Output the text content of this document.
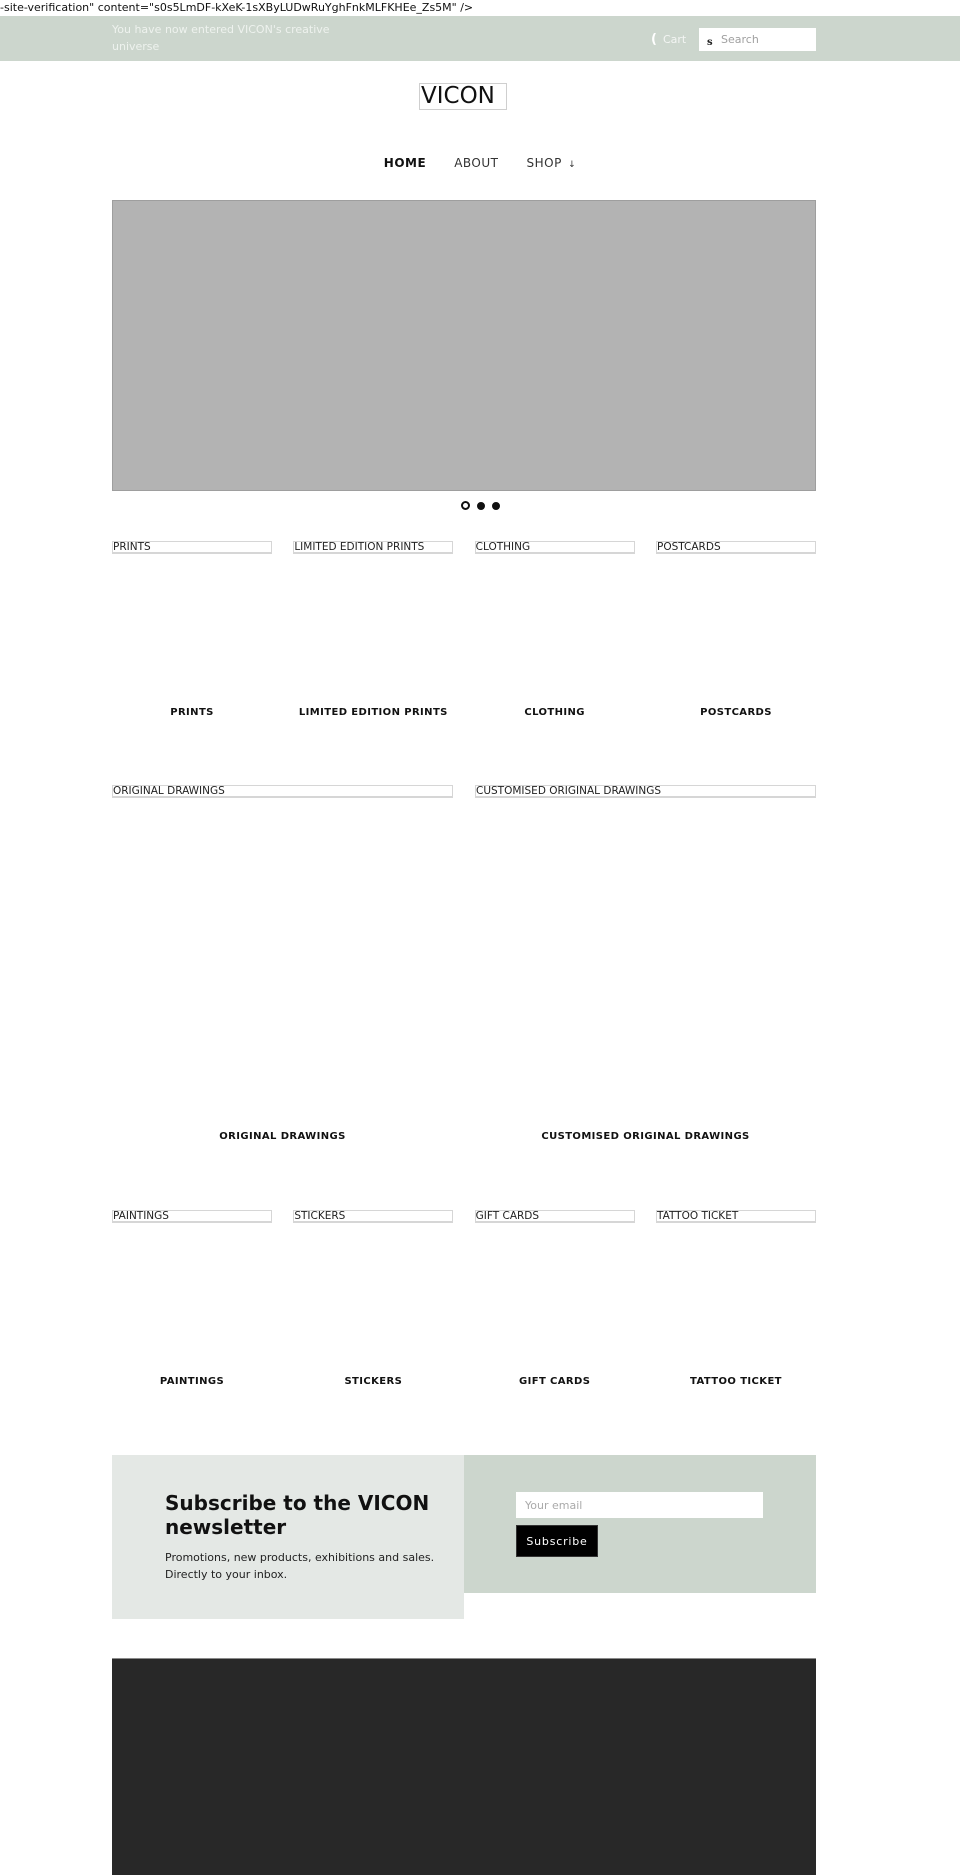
-site-verification" content="s0s5LmDF-kXeK-1sXByLUDwRuYghFnkMLFKHEe_Zs5M" />
You have now entered VICON's creative universe	( Cart s
Search
VICON
HOME ABOUT SHOP ↓
PRINTS
PRINTS
LIMITED EDITION PRINTS
LIMITED EDITION PRINTS
CLOTHING
CLOTHING
POSTCARDS
POSTCARDS
ORIGINAL DRAWINGS
ORIGINAL DRAWINGS
CUSTOMISED ORIGINAL DRAWINGS
CUSTOMISED ORIGINAL DRAWINGS
PAINTINGS
PAINTINGS
STICKERS
STICKERS
GIFT CARDS
GIFT CARDS
TATTOO TICKET
TATTOO TICKET
Subscribe to the VICON newsletter

Promotions, new products, exhibitions and sales. Directly to your inbox.

Your email
Subscribe
